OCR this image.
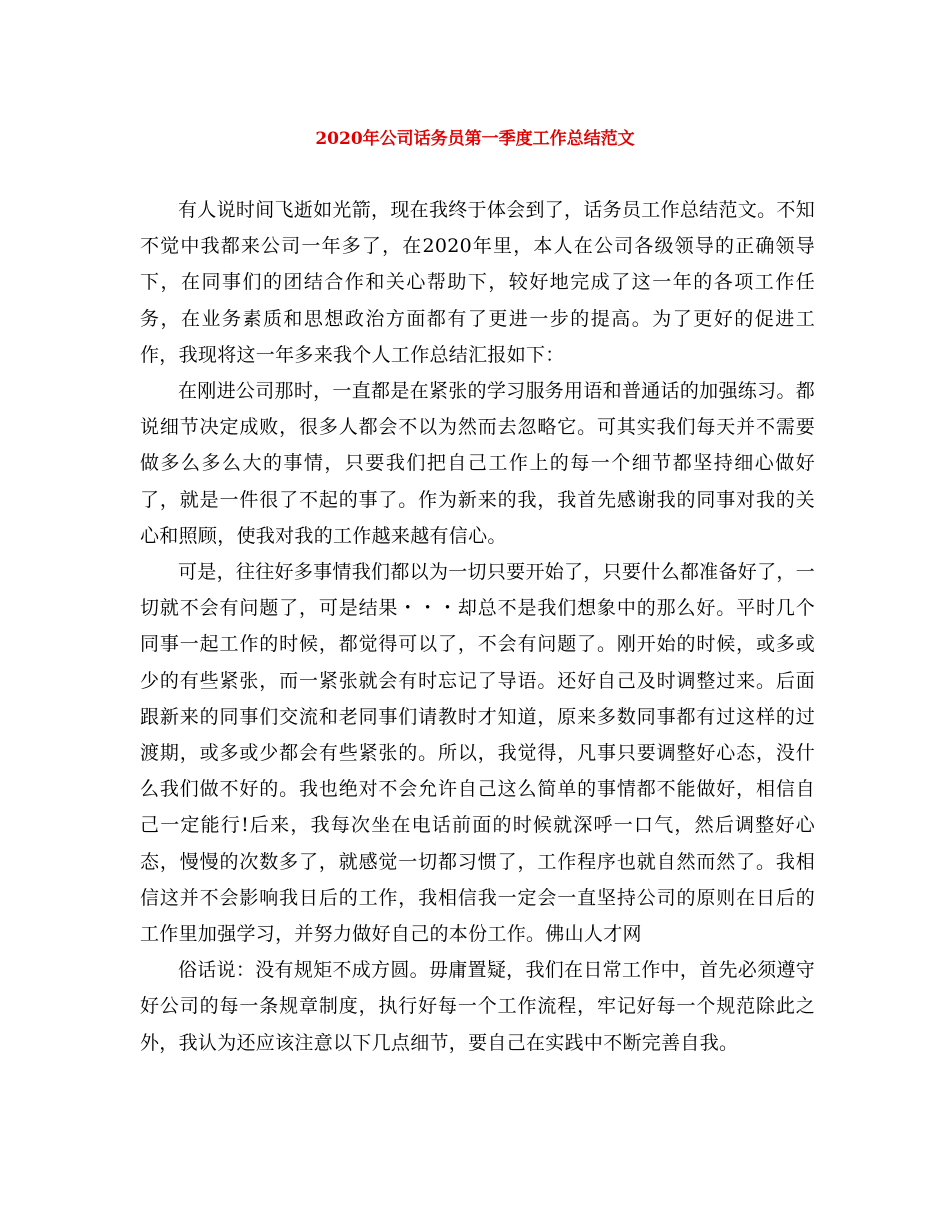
2020年公司话务员第一季度工作总结范文

有人说时间飞逝如光箭，现在我终于体会到了，话务员工作总结范文。不知不觉中我都来公司一年多了，在2020年里，本人在公司各级领导的正确领导下，在同事们的团结合作和关心帮助下，较好地完成了这一年的各项工作任务，在业务素质和思想政治方面都有了更进一步的提高。为了更好的促进工作，我现将这一年多来我个人工作总结汇报如下：

在刚进公司那时，一直都是在紧张的学习服务用语和普通话的加强练习。都说细节决定成败，很多人都会不以为然而去忽略它。可其实我们每天并不需要做多么多么大的事情，只要我们把自己工作上的每一个细节都坚持细心做好了，就是一件很了不起的事了。作为新来的我，我首先感谢我的同事对我的关心和照顾，使我对我的工作越来越有信心。

可是，往往好多事情我们都以为一切只要开始了，只要什么都准备好了，一切就不会有问题了，可是结果・・・却总不是我们想象中的那么好。平时几个同事一起工作的时候，都觉得可以了，不会有问题了。刚开始的时候，或多或少的有些紧张，而一紧张就会有时忘记了导语。还好自己及时调整过来。后面跟新来的同事们交流和老同事们请教时才知道，原来多数同事都有过这样的过渡期，或多或少都会有些紧张的。所以，我觉得，凡事只要调整好心态，没什么我们做不好的。我也绝对不会允许自己这么简单的事情都不能做好，相信自己一定能行!后来，我每次坐在电话前面的时候就深呼一口气，然后调整好心态，慢慢的次数多了，就感觉一切都习惯了，工作程序也就自然而然了。我相信这并不会影响我日后的工作，我相信我一定会一直坚持公司的原则在日后的工作里加强学习，并努力做好自己的本份工作。佛山人才网

俗话说：没有规矩不成方圆。毋庸置疑，我们在日常工作中，首先必须遵守好公司的每一条规章制度，执行好每一个工作流程，牢记好每一个规范除此之外，我认为还应该注意以下几点细节，要自己在实践中不断完善自我。
